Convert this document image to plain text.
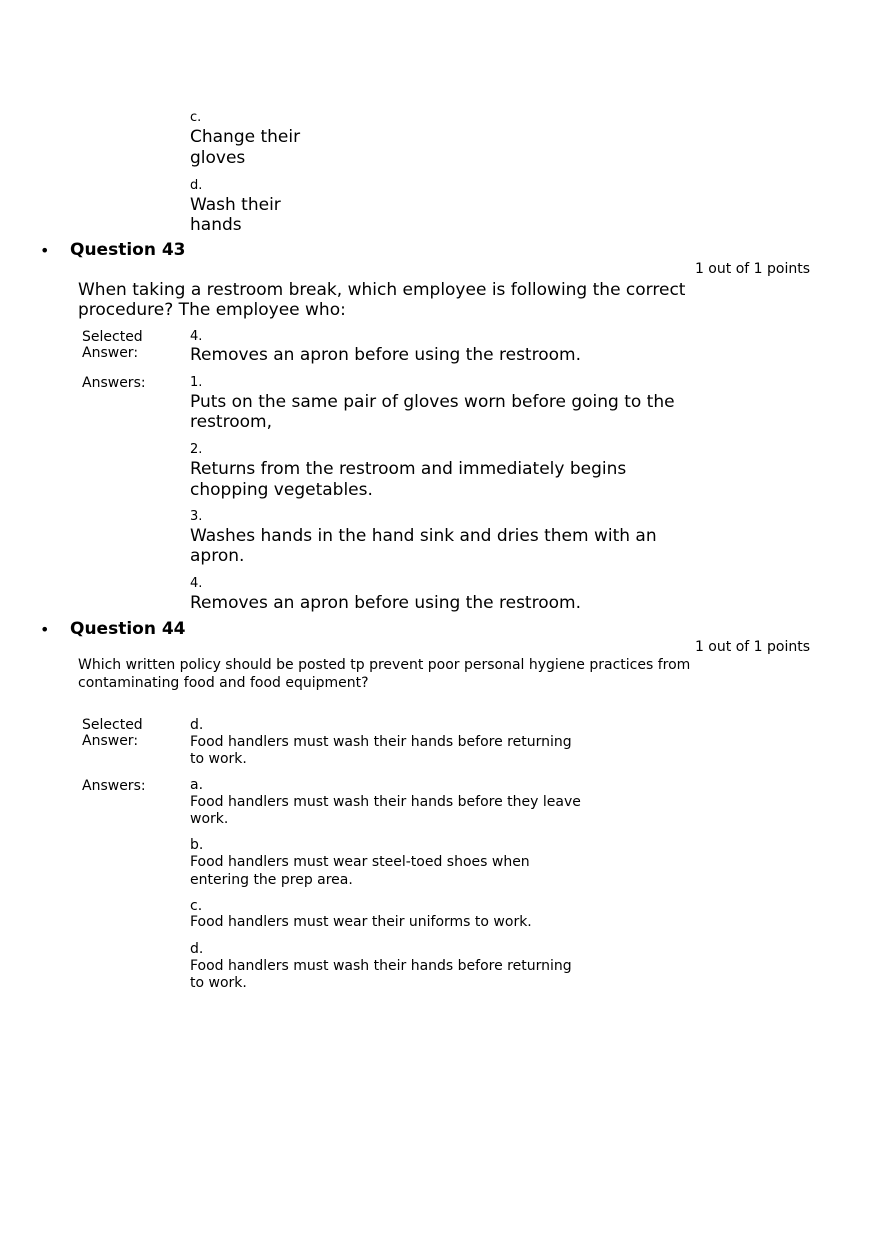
c.
Change their
gloves
d.
Wash their
hands
• Question 43
1 out of 1 points
When taking a restroom break, which employee is following the correct
procedure? The employee who:
Selected
Answer:
4.
Removes an apron before using the restroom.
Answers:	1.
Puts on the same pair of gloves worn before going to the
restroom,
2.
Returns from the restroom and immediately begins
chopping vegetables.
3.
Washes hands in the hand sink and dries them with an
apron.
4.
Removes an apron before using the restroom.
• Question 44
1 out of 1 points
Which written policy should be posted tp prevent poor personal hygiene practices from
contaminating food and food equipment?
Selected
Answer:
d.
Food handlers must wash their hands before returning
to work.
Answers:	a.
Food handlers must wash their hands before they leave
work.
b.
Food handlers must wear steel-toed shoes when
entering the prep area.
c.
Food handlers must wear their uniforms to work.
d.
Food handlers must wash their hands before returning
to work.
